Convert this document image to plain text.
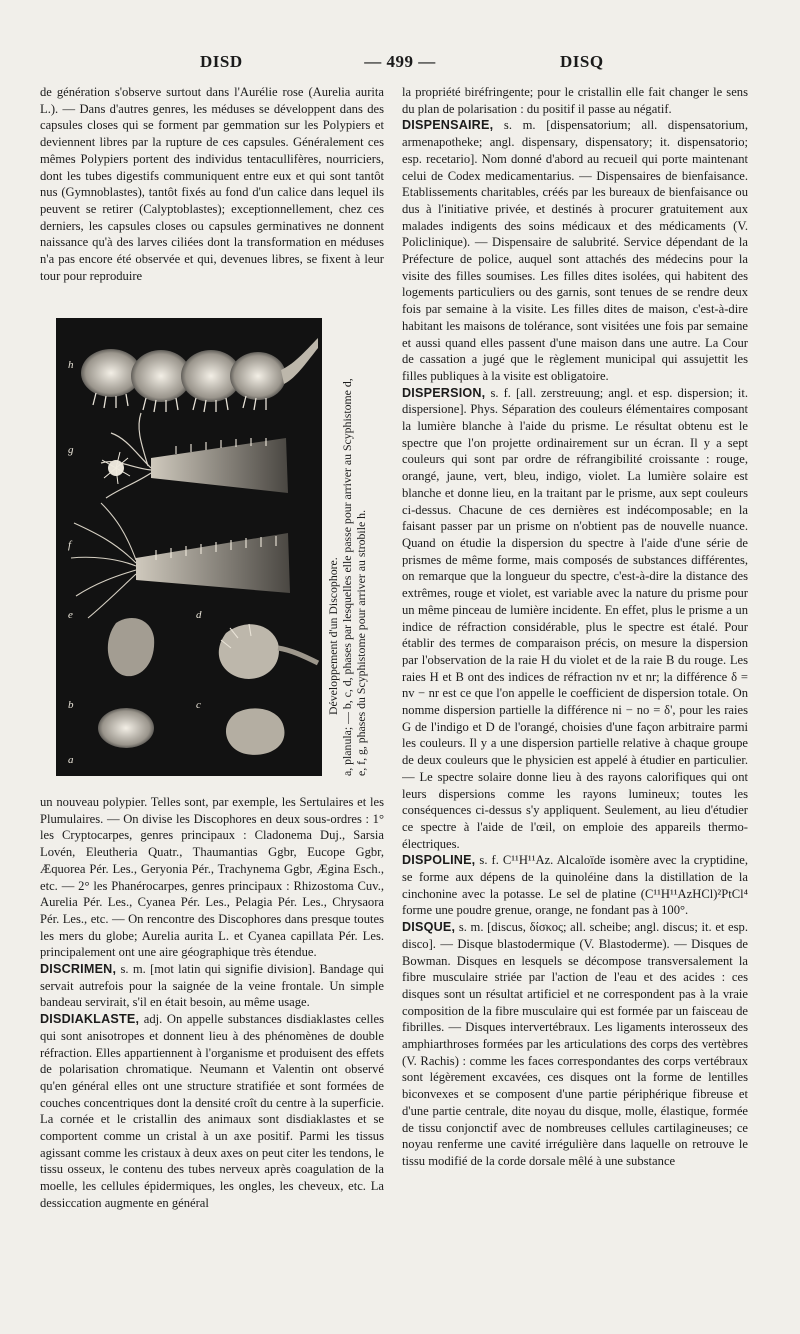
DISD	— 499 —	DISQ

de génération s'observe surtout dans l'Aurélie rose (Aurelia aurita L.). — Dans d'autres genres, les méduses se développent dans des capsules closes qui se forment par gemmation sur les Polypiers et deviennent libres par la rupture de ces capsules. Généralement ces mêmes Polypiers portent des individus tentacullifères, nourriciers, dont les tubes digestifs communiquent entre eux et qui sont tantôt nus (Gymnoblastes), tantôt fixés au fond d'un calice dans lequel ils peuvent se retirer (Calyptoblastes); exceptionnellement, chez ces derniers, les capsules closes ou capsules germinatives ne donnent naissance qu'à des larves ciliées dont la transformation en méduses n'a pas encore été observée et qui, devenues libres, se fixent à leur tour pour reproduire

un nouveau polypier. Telles sont, par exemple, les Sertulaires et les Plumulaires. — On divise les Discophores en deux sous-ordres : 1° les Cryptocarpes, genres principaux : Cladonema Duj., Sarsia Lovén, Eleutheria Quatr., Thaumantias Ggbr, Eucope Ggbr, Æquorea Pér. Les., Geryonia Pér., Trachynema Ggbr, Ægina Esch., etc. — 2° les Phanérocarpes, genres principaux : Rhizostoma Cuv., Aurelia Pér. Les., Cyanea Pér. Les., Pelagia Pér. Les., Chrysaora Pér. Les., etc. — On rencontre des Discophores dans presque toutes les mers du globe; Aurelia aurita L. et Cyanea capillata Pér. Les. principalement ont une aire géographique très étendue.

DISCRIMEN, s. m. [mot latin qui signifie division]. Bandage qui servait autrefois pour la saignée de la veine frontale. Un simple bandeau servirait, s'il en était besoin, au même usage.

DISDIAKLASTE, adj. On appelle substances disdiaklastes celles qui sont anisotropes et donnent lieu à des phénomènes de double réfraction. Elles appartiennent à l'organisme et produisent des effets de polarisation chromatique. Neumann et Valentin ont observé qu'en général elles ont une structure stratifiée et sont formées de couches concentriques dont la densité croît du centre à la superficie. La cornée et le cristallin des animaux sont disdiaklastes et se comportent comme un cristal à un axe positif. Parmi les tissus agissant comme les cristaux à deux axes on peut citer les tendons, le tissu osseux, le contenu des tubes nerveux après coagulation de la moelle, les cellules épidermiques, les ongles, les cheveux, etc. La dessiccation augmente en général

h
g
f
e	d
c
b
a
Développement d'un Discophore. a, planula; — b, c, d, phases par lesquelles elle passe pour arriver au Scyphistome d, e, f, g, phases du Scyphistome pour arriver au strobile h.

la propriété biréfringente; pour le cristallin elle fait changer le sens du plan de polarisation : du positif il passe au négatif.

DISPENSAIRE, s. m. [dispensatorium; all. dispensatorium, armenapotheke; angl. dispensary, dispensatory; it. dispensatorio; esp. recetario]. Nom donné d'abord au recueil qui porte maintenant celui de Codex medicamentarius. — Dispensaires de bienfaisance. Etablissements charitables, créés par les bureaux de bienfaisance ou dus à l'initiative privée, et destinés à procurer gratuitement aux malades indigents des soins médicaux et des médicaments (V. Policlinique). — Dispensaire de salubrité. Service dépendant de la Préfecture de police, auquel sont attachés des médecins pour la visite des filles soumises. Les filles dites isolées, qui habitent des logements particuliers ou des garnis, sont tenues de se rendre deux fois par semaine à la visite. Les filles dites de maison, c'est-à-dire habitant les maisons de tolérance, sont visitées une fois par semaine et aussi quand elles passent d'une maison dans une autre. La Cour de cassation a jugé que le règlement municipal qui assujettit les filles publiques à la visite est obligatoire.

DISPERSION, s. f. [all. zerstreuung; angl. et esp. dispersion; it. dispersione]. Phys. Séparation des couleurs élémentaires composant la lumière blanche à l'aide du prisme. Le résultat obtenu est le spectre que l'on projette ordinairement sur un écran. Il y a sept couleurs qui sont par ordre de réfrangibilité croissante : rouge, orangé, jaune, vert, bleu, indigo, violet. La lumière solaire est blanche et donne lieu, en la traitant par le prisme, aux sept couleurs ci-dessus. Chacune de ces dernières est indécomposable; en la faisant passer par un prisme on n'obtient pas de nouvelle nuance. Quand on étudie la dispersion du spectre à l'aide d'une série de prismes de même forme, mais composés de substances différentes, on remarque que la longueur du spectre, c'est-à-dire la distance des extrêmes, rouge et violet, est variable avec la nature du prisme pour un même pinceau de lumière incidente. En effet, plus le prisme a un indice de réfraction considérable, plus le spectre est étalé. Pour établir des termes de comparaison précis, on mesure la dispersion par l'observation de la raie H du violet et de la raie B du rouge. Les raies H et B ont des indices de réfraction nv et nr; la différence δ = nv − nr est ce que l'on appelle le coefficient de dispersion totale. On nomme dispersion partielle la différence ni − no = δ', pour les raies G de l'indigo et D de l'orangé, choisies d'une façon arbitraire parmi les couleurs. Il y a une dispersion partielle relative à chaque groupe de deux couleurs que le physicien est appelé à étudier en particulier. — Le spectre solaire donne lieu à des rayons calorifiques qui ont leurs dispersions comme les rayons lumineux; toutes les conséquences ci-dessus s'y appliquent. Seulement, au lieu d'étudier ce spectre à l'aide de l'œil, on emploie des appareils thermo-électriques.

DISPOLINE, s. f. C¹¹H¹¹Az. Alcaloïde isomère avec la cryptidine, se forme aux dépens de la quinoléine dans la distillation de la cinchonine avec la potasse. Le sel de platine (C¹¹H¹¹AzHCl)²PtCl⁴ forme une poudre grenue, orange, ne fondant pas à 100°.

DISQUE, s. m. [discus, δίσκος; all. scheibe; angl. discus; it. et esp. disco]. — Disque blastodermique (V. Blastoderme). — Disques de Bowman. Disques en lesquels se décompose transversalement la fibre musculaire striée par l'action de l'eau et des acides : ces disques sont un résultat artificiel et ne correspondent pas à la vraie composition de la fibre musculaire qui est formée par un faisceau de fibrilles. — Disques intervertébraux. Les ligaments interosseux des amphiarthroses formées par les articulations des corps des vertèbres (V. Rachis) : comme les faces correspondantes des corps vertébraux sont légèrement excavées, ces disques ont la forme de lentilles biconvexes et se composent d'une partie périphérique fibreuse et d'une partie centrale, dite noyau du disque, molle, élastique, formée de tissu conjonctif avec de nombreuses cellules cartilagineuses; ce noyau renferme une cavité irrégulière dans laquelle on retrouve le tissu modifié de la corde dorsale mêlé à une substance
